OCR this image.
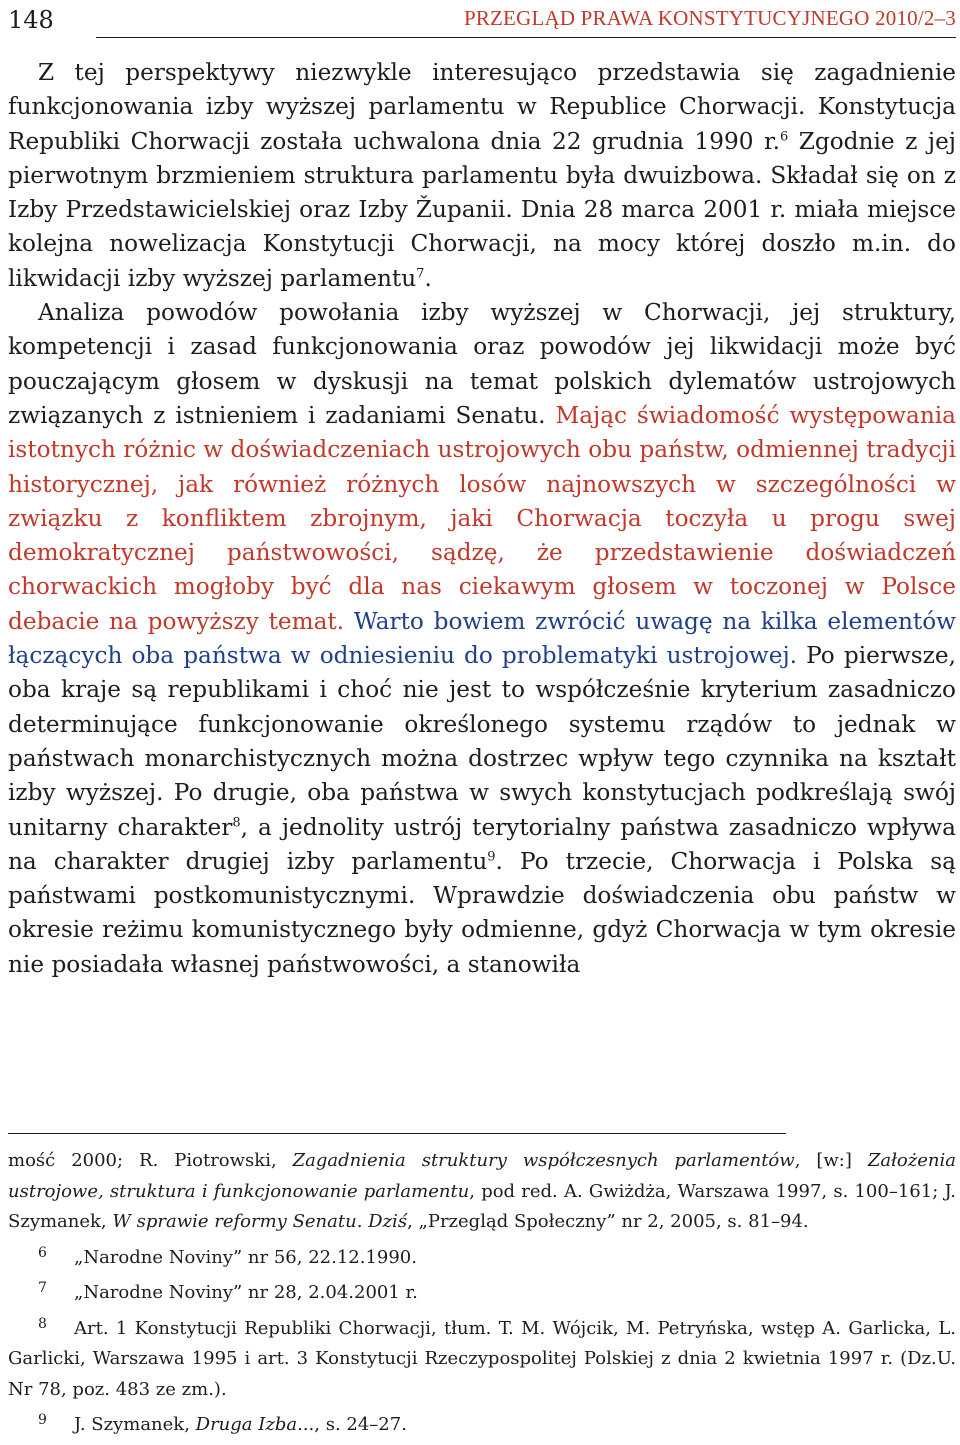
148	PRZEGLĄD PRAWA KONSTYTUCYJNEGO 2010/2–3

Z tej perspektywy niezwykle interesująco przedstawia się zagadnienie funkcjonowania izby wyższej parlamentu w Republice Chorwacji. Konstytucja Republiki Chorwacji została uchwalona dnia 22 grudnia 1990 r.$^6$ Zgodnie z jej pierwotnym brzmieniem struktura parlamentu była dwuizbowa. Składał się on z Izby Przedstawicielskiej oraz Izby Županii. Dnia 28 marca 2001 r. miała miejsce kolejna nowelizacja Konstytucji Chorwacji, na mocy której doszło m.in. do likwidacji izby wyższej parlamentu$^7$.

Analiza powodów powołania izby wyższej w Chorwacji, jej struktury, kompetencji i zasad funkcjonowania oraz powodów jej likwidacji może być pouczającym głosem w dyskusji na temat polskich dylematów ustrojowych związanych z istnieniem i zadaniami Senatu. Mając świadomość występowania istotnych różnic w doświadczeniach ustrojowych obu państw, odmiennej tradycji historycznej, jak również różnych losów najnowszych w szczególności w związku z konfliktem zbrojnym, jaki Chorwacja toczyła u progu swej demokratycznej państwowości, sądzę, że przedstawienie doświadczeń chorwackich mogłoby być dla nas ciekawym głosem w toczonej w Polsce debacie na powyższy temat. Warto bowiem zwrócić uwagę na kilka elementów łączących oba państwa w odniesieniu do problematyki ustrojowej. Po pierwsze, oba kraje są republikami i choć nie jest to współcześnie kryterium zasadniczo determinujące funkcjonowanie określonego systemu rządów to jednak w państwach monarchistycznych można dostrzec wpływ tego czynnika na kształt izby wyższej. Po drugie, oba państwa w swych konstytucjach podkreślają swój unitarny charakter$^8$, a jednolity ustrój terytorialny państwa zasadniczo wpływa na charakter drugiej izby parlamentu$^9$. Po trzecie, Chorwacja i Polska są państwami postkomunistycznymi. Wprawdzie doświadczenia obu państw w okresie reżimu komunistycznego były odmienne, gdyż Chorwacja w tym okresie nie posiadała własnej państwowości, a stanowiła

mość 2000; R. Piotrowski, Zagadnienia struktury współczesnych parlamentów, [w:] Założenia ustrojowe, struktura i funkcjonowanie parlamentu, pod red. A. Gwiżdża, Warszawa 1997, s. 100–161; J. Szymanek, W sprawie reformy Senatu. Dziś, „Przegląd Społeczny” nr 2, 2005, s. 81–94.

6 „Narodne Noviny” nr 56, 22.12.1990.

7 „Narodne Noviny” nr 28, 2.04.2001 r.

8 Art. 1 Konstytucji Republiki Chorwacji, tłum. T. M. Wójcik, M. Petryńska, wstęp A. Garlicka, L. Garlicki, Warszawa 1995 i art. 3 Konstytucji Rzeczypospolitej Polskiej z dnia 2 kwietnia 1997 r. (Dz.U. Nr 78, poz. 483 ze zm.).

9 J. Szymanek, Druga Izba..., s. 24–27.
